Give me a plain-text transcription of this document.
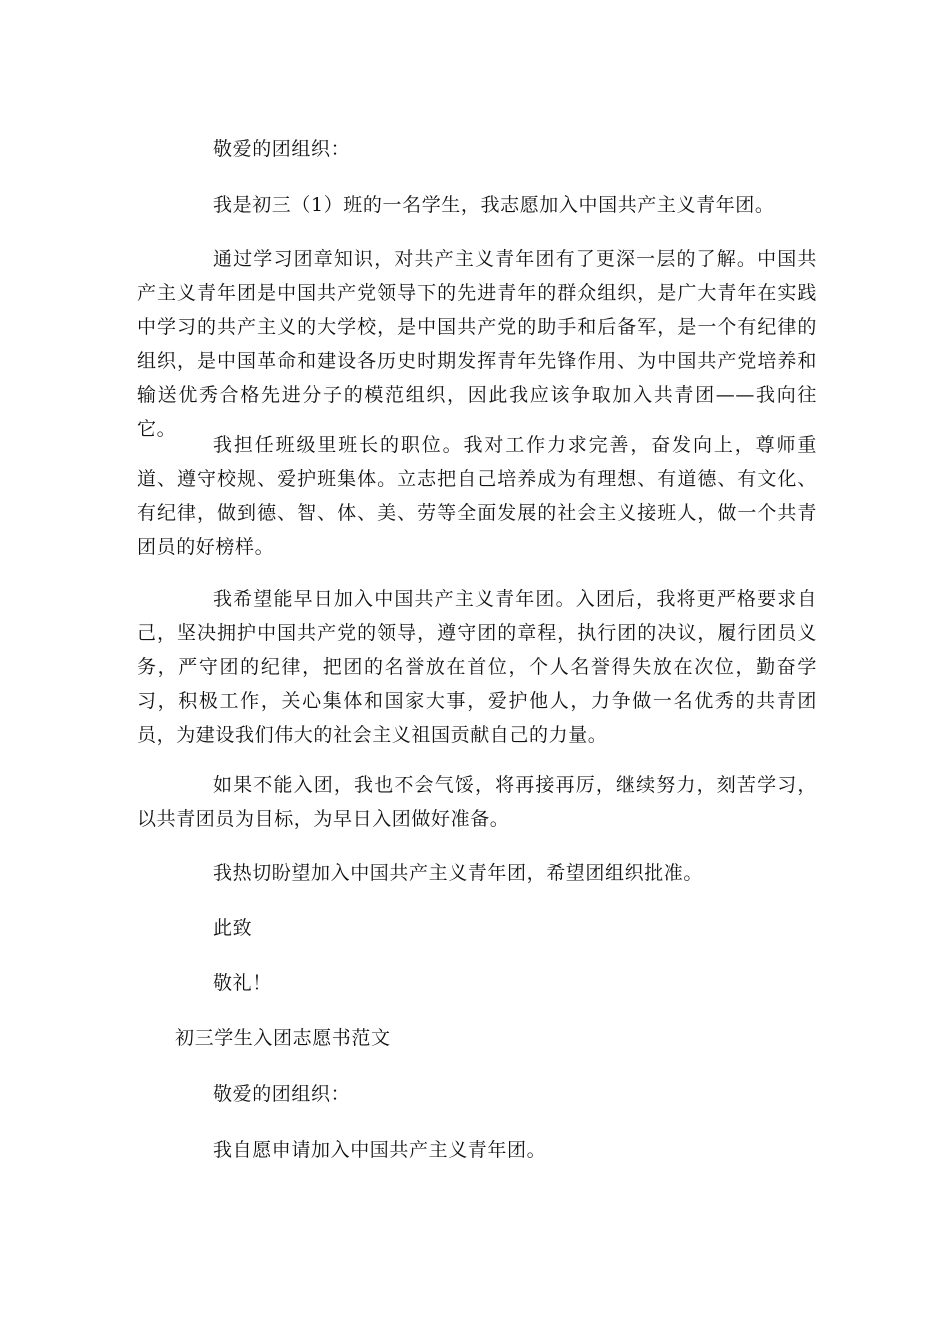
敬爱的团组织：

我是初三（1）班的一名学生，我志愿加入中国共产主义青年团。

通过学习团章知识，对共产主义青年团有了更深一层的了解。中国共产主义青年团是中国共产党领导下的先进青年的群众组织，是广大青年在实践中学习的共产主义的大学校，是中国共产党的助手和后备军，是一个有纪律的组织，是中国革命和建设各历史时期发挥青年先锋作用、为中国共产党培养和输送优秀合格先进分子的模范组织，因此我应该争取加入共青团——我向往它。

我担任班级里班长的职位。我对工作力求完善，奋发向上，尊师重道、遵守校规、爱护班集体。立志把自己培养成为有理想、有道德、有文化、有纪律，做到德、智、体、美、劳等全面发展的社会主义接班人，做一个共青团员的好榜样。

我希望能早日加入中国共产主义青年团。入团后，我将更严格要求自己，坚决拥护中国共产党的领导，遵守团的章程，执行团的决议，履行团员义务，严守团的纪律，把团的名誉放在首位，个人名誉得失放在次位，勤奋学习，积极工作，关心集体和国家大事，爱护他人，力争做一名优秀的共青团员，为建设我们伟大的社会主义祖国贡献自己的力量。

如果不能入团，我也不会气馁，将再接再厉，继续努力，刻苦学习，以共青团员为目标，为早日入团做好准备。

我热切盼望加入中国共产主义青年团，希望团组织批准。

此致

敬礼！

初三学生入团志愿书范文

敬爱的团组织：

我自愿申请加入中国共产主义青年团。
